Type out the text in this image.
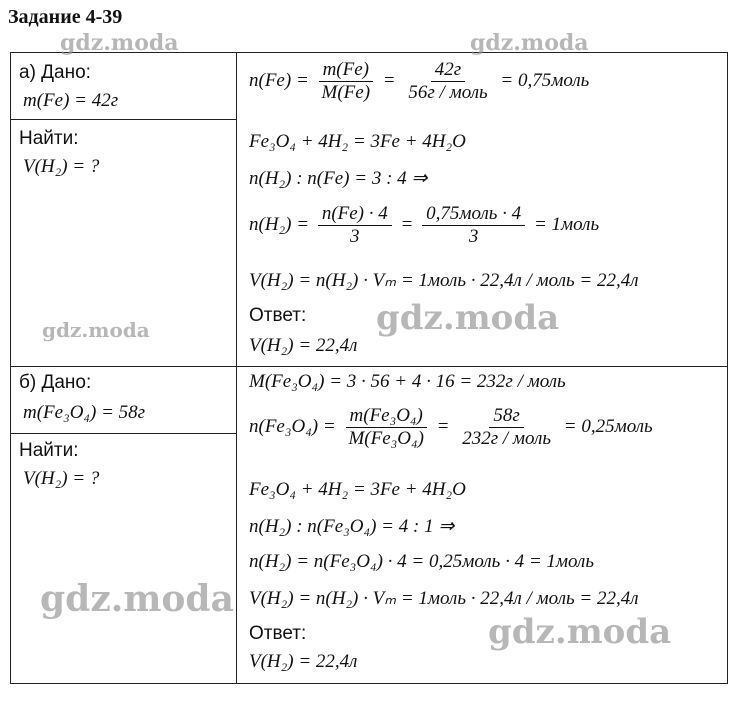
Задание 4-39
а) Дано:
m(Fe) = 42г
Найти:
V(H₂) = ?
$n(Fe) = \frac{m(Fe)}{M(Fe)} = \frac{42г}{\text{56г / моль}}$ = 0,75моль
Fe₃O₄ + 4H₂ = 3Fe + 4H₂O
n(H₂) : n(Fe) = 3 : 4 ⇒
$n(H_2) = \frac{n(Fe) \cdot 4}{3} = \frac{\text{0,75моль · 4}}{3}$ = 1моль
V(H₂) = n(H₂) · Vₘ = 1моль · 22,4л / моль = 22,4л
Ответ:
V(H₂) = 22,4л
б) Дано:
m(Fe₃O₄) = 58г
Найти:
V(H₂) = ?
M(Fe₃O₄) = 3 · 56 + 4 · 16 = 232г / моль
$n(Fe_3O_4) = \frac{\text{m(Fe₃O₄)}}{\text{M(Fe₃O₄)}} = \frac{58г}{\text{232г / моль}}$ = 0,25моль
Fe₃O₄ + 4H₂ = 3Fe + 4H₂O
n(H₂) : n(Fe₃O₄) = 4 : 1 ⇒
n(H₂) = n(Fe₃O₄) · 4 = 0,25моль · 4 = 1моль
V(H₂) = n(H₂) · Vₘ = 1моль · 22,4л / моль = 22,4л
Ответ:
V(H₂) = 22,4л
gdz.moda	gdz.moda
gdz.moda	gdz.moda
gdz.moda
gdz.moda
